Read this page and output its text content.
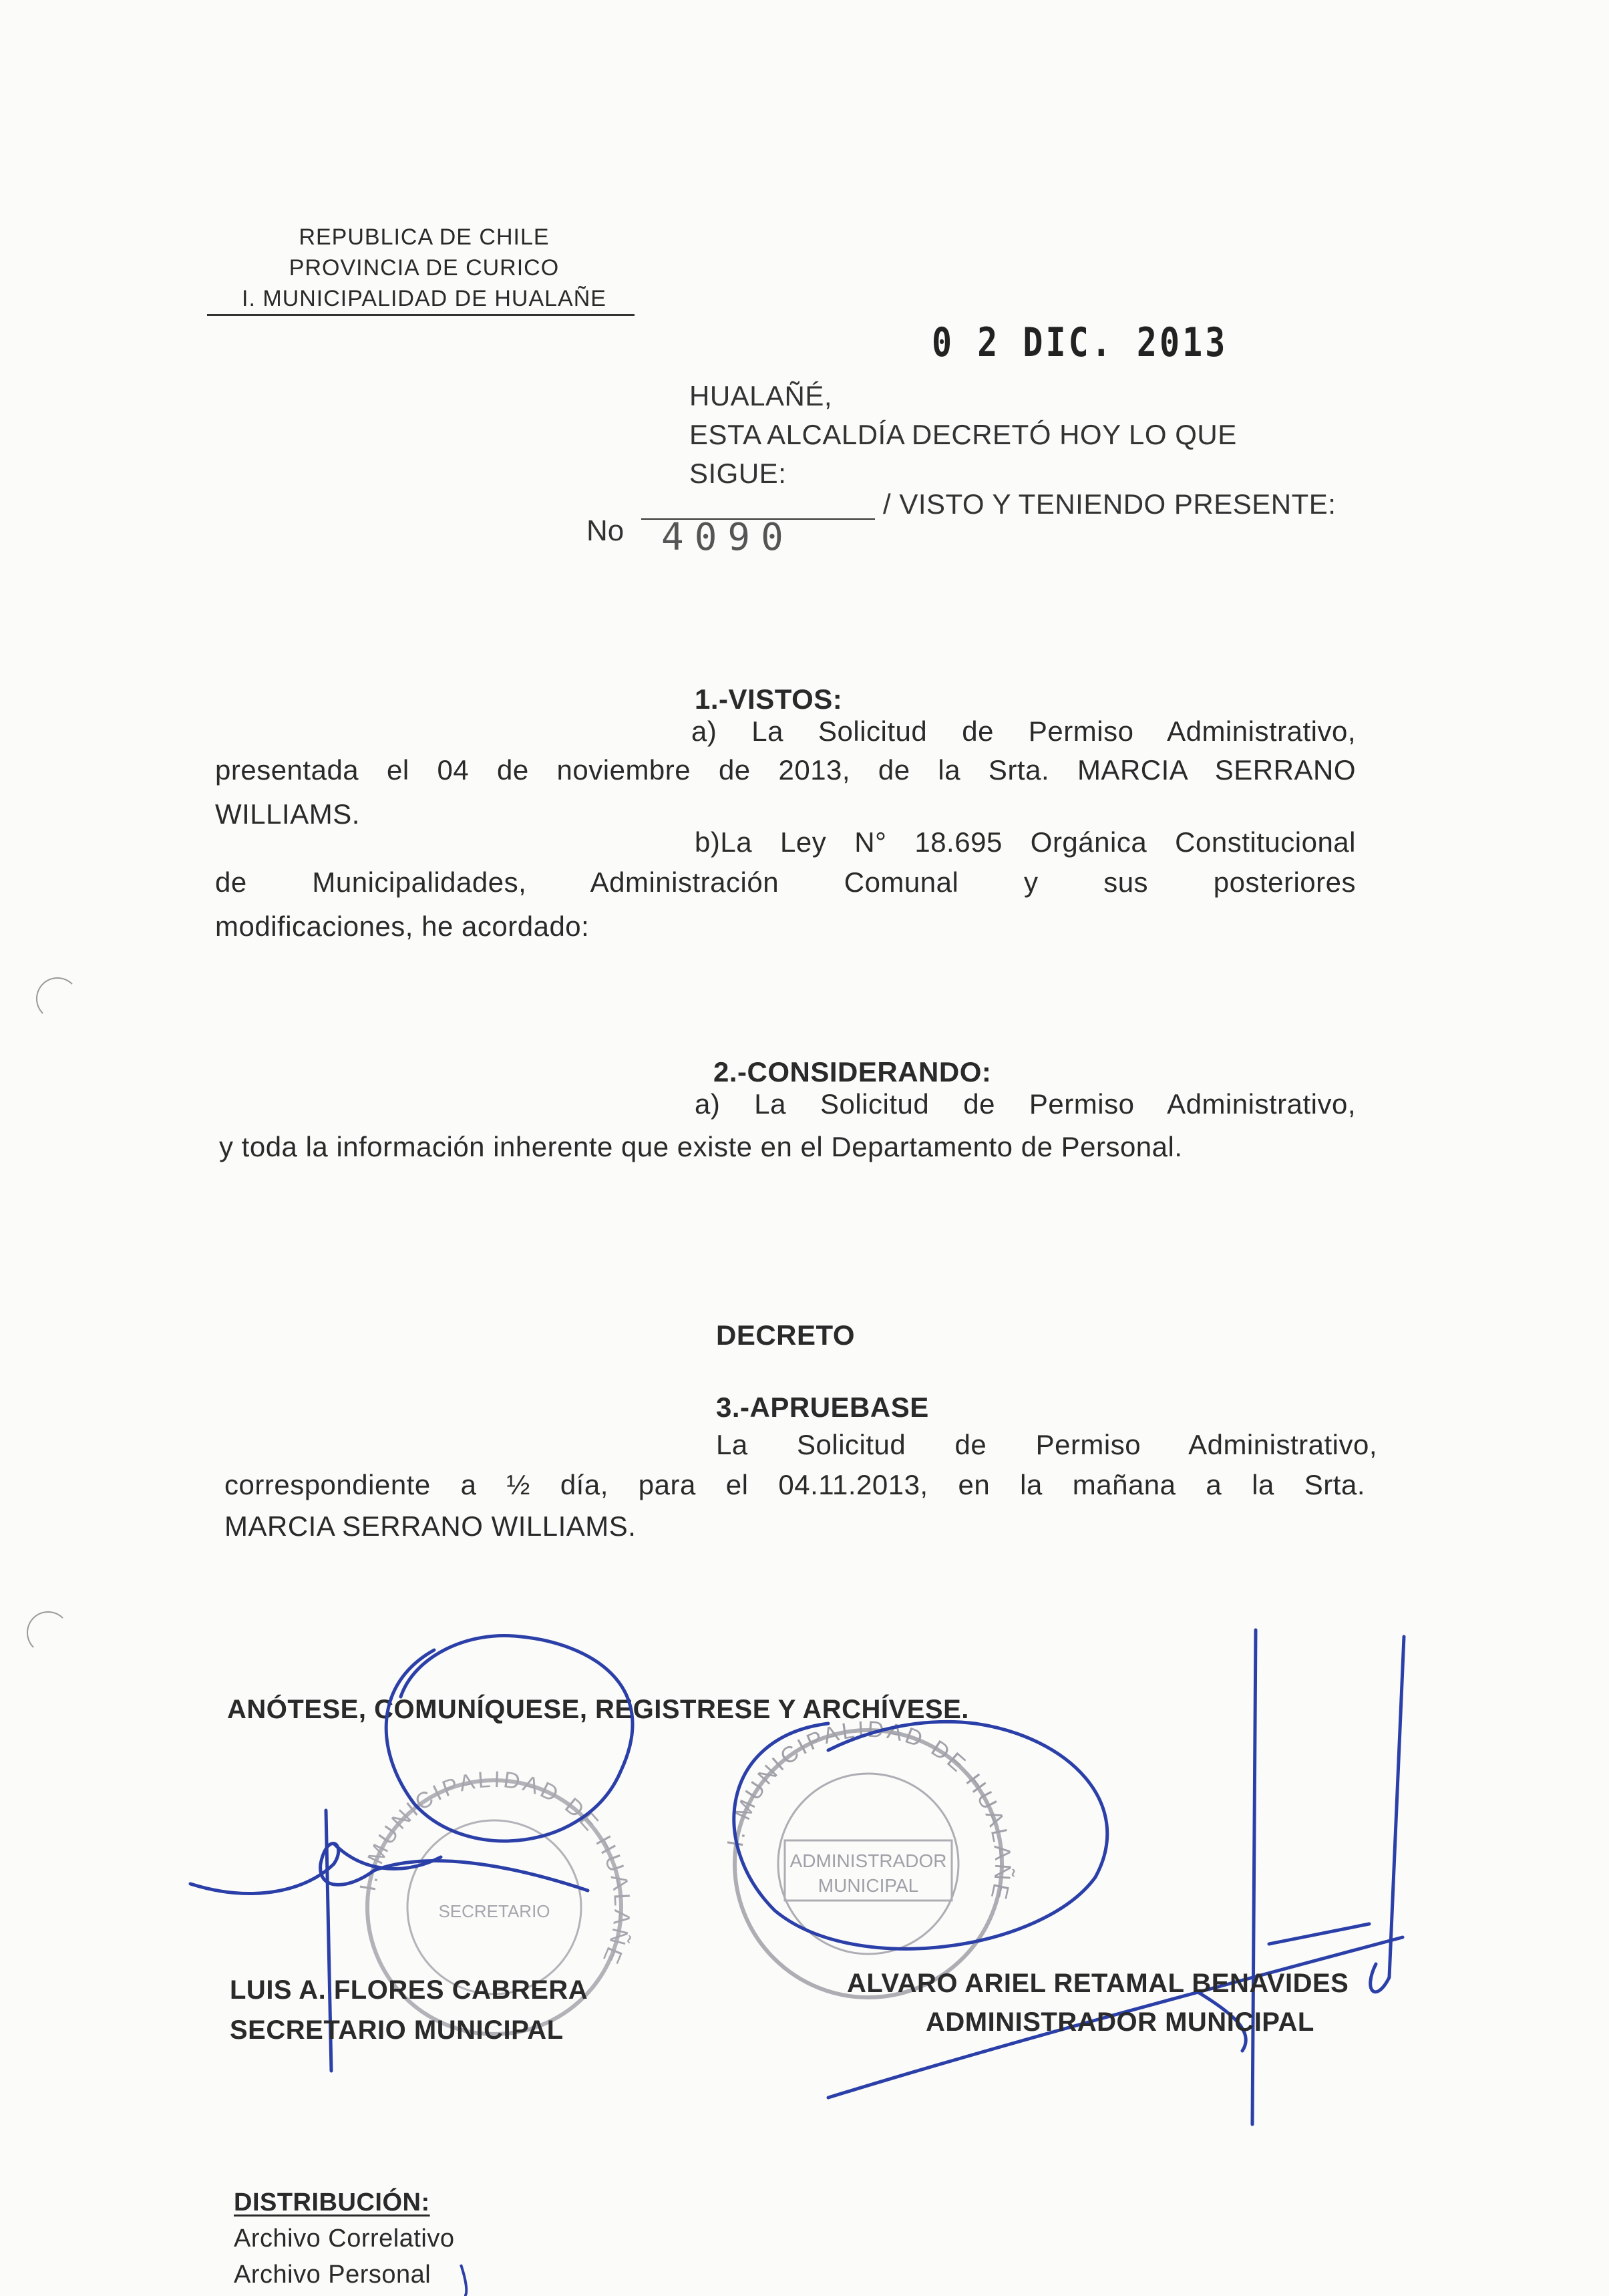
REPUBLICA DE CHILE
PROVINCIA DE CURICO
I. MUNICIPALIDAD DE HUALAÑE
0 2 DIC. 2013
HUALAÑÉ,
ESTA ALCALDÍA DECRETÓ HOY LO QUE
SIGUE:
/ VISTO Y TENIENDO PRESENTE:
No 4090
1.-VISTOS:
a) La Solicitud de Permiso Administrativo,
presentada el 04 de noviembre de 2013, de la Srta. MARCIA SERRANO
WILLIAMS.
b)La Ley N° 18.695 Orgánica Constitucional
de Municipalidades, Administración Comunal y sus posteriores
modificaciones, he acordado:
2.-CONSIDERANDO:
a) La Solicitud de Permiso Administrativo,
y toda la información inherente que existe en el Departamento de Personal.
DECRETO
3.-APRUEBASE
La Solicitud de Permiso Administrativo,
correspondiente a ½ día, para el 04.11.2013, en la mañana a la Srta.
MARCIA SERRANO WILLIAMS.
ANÓTESE, COMUNÍQUESE, REGISTRESE Y ARCHÍVESE.
I. MUNICIPALIDAD DE HUALAÑE
SECRETARIO
I. MUNICIPALIDAD DE HUALAÑE
ADMINISTRADOR
MUNICIPAL
LUIS A. FLORES CABRERA
SECRETARIO MUNICIPAL
ALVARO ARIEL RETAMAL BENAVIDES
ADMINISTRADOR MUNICIPAL
DISTRIBUCIÓN:
Archivo Correlativo
Archivo Personal
